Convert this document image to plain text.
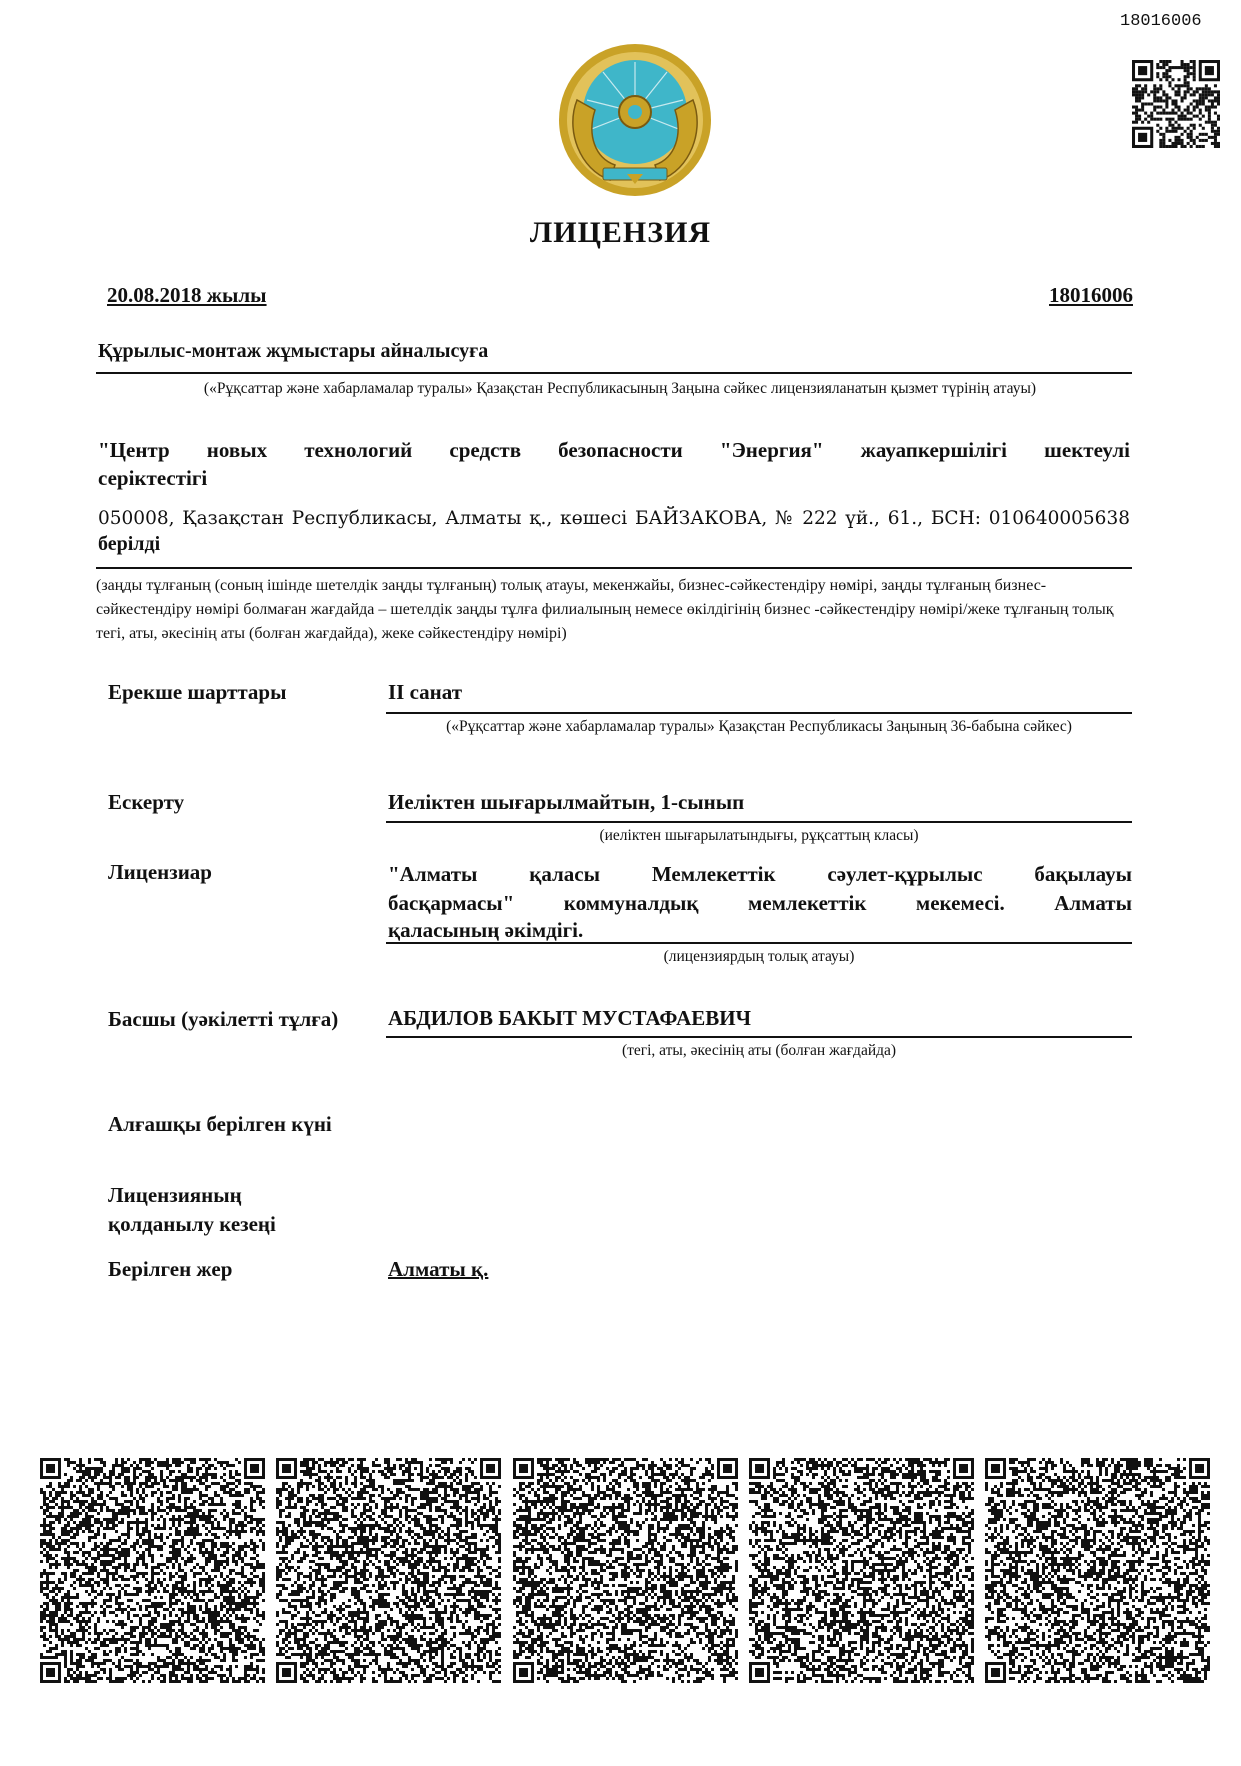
18016006
ЛИЦЕНЗИЯ
20.08.2018 жылы	18016006
Құрылыс-монтаж жұмыстары айналысуға
(«Рұқсаттар және хабарламалар туралы» Қазақстан Республикасының Заңына сәйкес лицензияланатын қызмет түрінің атауы)
"Центр новых технологий средств безопасности "Энергия" жауапкершілігі шектеулі
серіктестігі
050008, Қазақстан Республикасы, Алматы қ., көшесі БАЙЗАКОВА, № 222 үй., 61., БСН: 010640005638
берілді
(заңды тұлғаның (соның ішінде шетелдік заңды тұлғаның) толық атауы, мекенжайы, бизнес-сәйкестендіру нөмірі, заңды тұлғаның бизнес-сәйкестендіру нөмірі болмаған жағдайда – шетелдік заңды тұлға филиалының немесе өкілдігінің бизнес -сәйкестендіру нөмірі/жеке тұлғаның толық тегі, аты, әкесінің аты (болған жағдайда), жеке сәйкестендіру нөмірі)
Ерекше шарттары	II санат
(«Рұқсаттар және хабарламалар туралы» Қазақстан Республикасы Заңының 36-бабына сәйкес)
Ескерту	Иеліктен шығарылмайтын, 1-сынып
(иеліктен шығарылатындығы, рұқсаттың класы)
Лицензиар	"Алматы қаласы Мемлекеттік сәулет-құрылыс бақылауы
басқармасы" коммуналдық мемлекеттік мекемесі. Алматы
қаласының әкімдігі.
(лицензиярдың толық атауы)
Басшы (уәкілетті тұлға) АБДИЛОВ БАКЫТ МУСТАФАЕВИЧ
(тегі, аты, әкесінің аты (болған жағдайда)
Алғашқы берілген күні
Лицензияның
қолданылу кезеңі
Берілген жер	Алматы қ.
